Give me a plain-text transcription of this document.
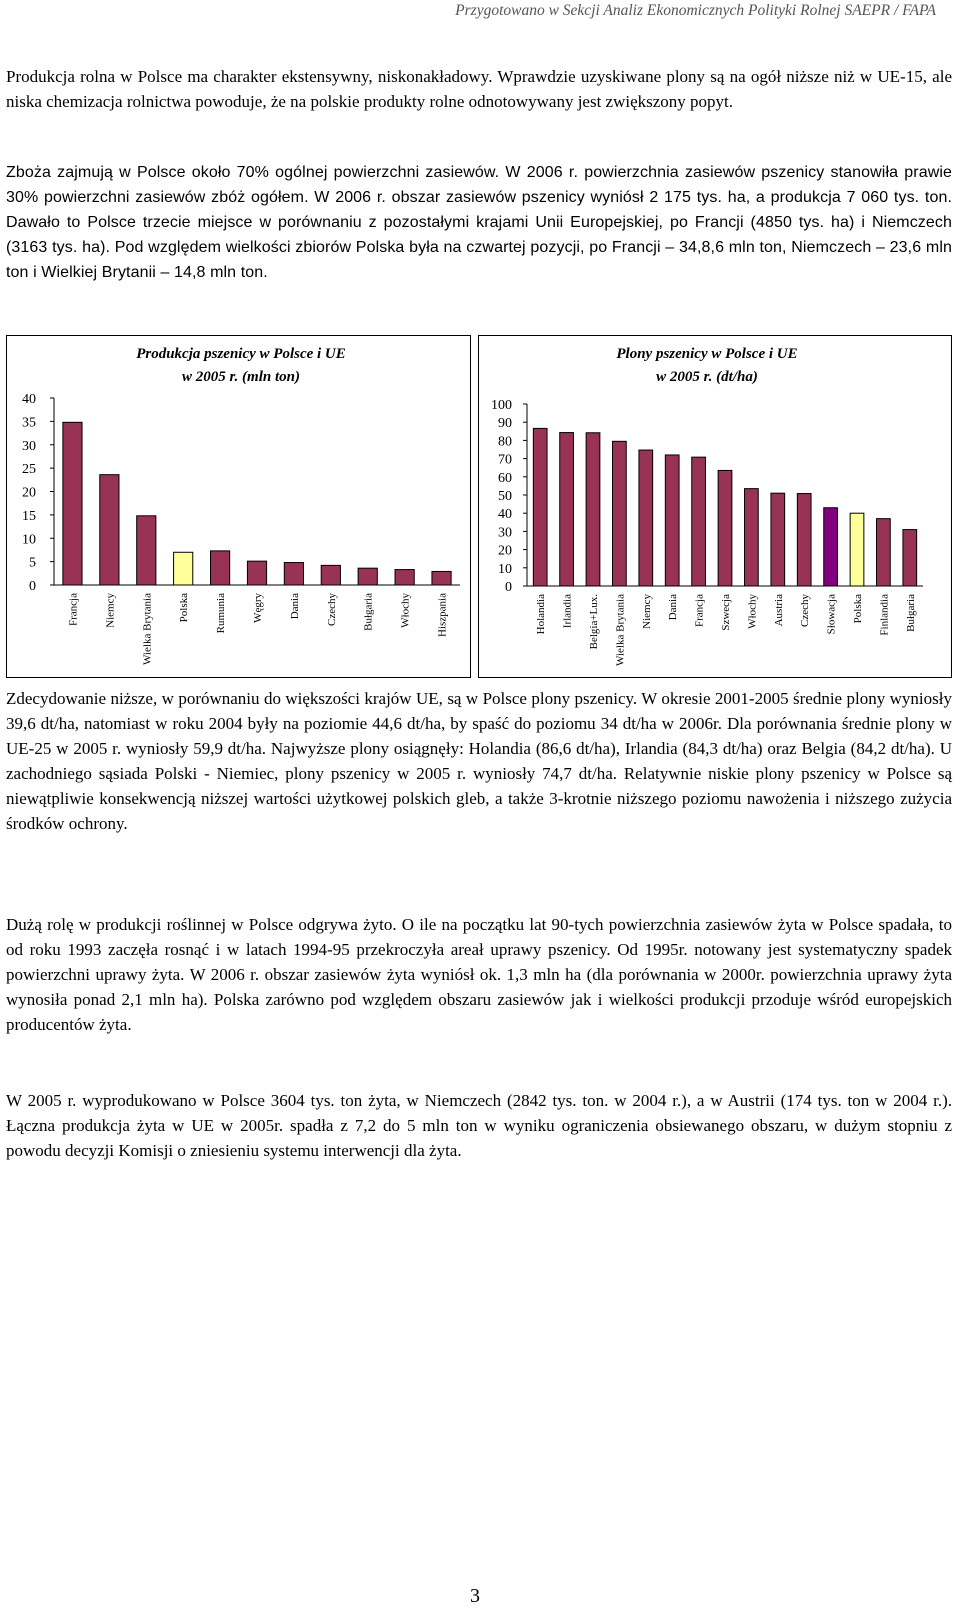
Przygotowano w Sekcji Analiz Ekonomicznych Polityki Rolnej SAEPR / FAPA

Produkcja rolna w Polsce ma charakter ekstensywny, niskonakładowy. Wprawdzie uzyskiwane plony są na ogół niższe niż w UE-15, ale niska chemizacja rolnictwa powoduje, że na polskie produkty rolne odnotowywany jest zwiększony popyt.

Zboża zajmują w Polsce około 70% ogólnej powierzchni zasiewów. W 2006 r. powierzchnia zasiewów pszenicy stanowiła prawie 30% powierzchni zasiewów zbóż ogółem. W 2006 r. obszar zasiewów pszenicy wyniósł 2 175 tys. ha, a produkcja 7 060 tys. ton. Dawało to Polsce trzecie miejsce w porównaniu z pozostałymi krajami Unii Europejskiej, po Francji (4850 tys. ha) i Niemczech (3163 tys. ha). Pod względem wielkości zbiorów Polska była na czwartej pozycji, po Francji – 34,8,6 mln ton, Niemczech – 23,6 mln ton i Wielkiej Brytanii – 14,8 mln ton.

Produkcja pszenicy w Polsce i UE
w 2005 r. (mln ton)
0
5
10
15
20
25
30
35
40
Francja Niemcy Wielka Brytania Polska Rumunia Węgry Dania Czechy Bułgaria Włochy Hiszpania
Plony pszenicy w Polsce i UE
w 2005 r. (dt/ha)
0
10
20
30
40
50
60
70
80
90
100
Holandia Irlandia Belgia+Lux. Wielka Brytania Niemcy Dania Francja Szwecja Włochy Austria Czechy Słowacja Polska Finlandia Bułgaria

Zdecydowanie niższe, w porównaniu do większości krajów UE, są w Polsce plony pszenicy. W okresie 2001-2005 średnie plony wyniosły 39,6 dt/ha, natomiast w roku 2004 były na poziomie 44,6 dt/ha, by spaść do poziomu 34 dt/ha w 2006r. Dla porównania średnie plony w UE-25 w 2005 r. wyniosły 59,9 dt/ha. Najwyższe plony osiągnęły: Holandia (86,6 dt/ha), Irlandia (84,3 dt/ha) oraz Belgia (84,2 dt/ha). U zachodniego sąsiada Polski - Niemiec, plony pszenicy w 2005 r. wyniosły 74,7 dt/ha. Relatywnie niskie plony pszenicy w Polsce są niewątpliwie konsekwencją niższej wartości użytkowej polskich gleb, a także 3-krotnie niższego poziomu nawożenia i niższego zużycia środków ochrony.

Dużą rolę w produkcji roślinnej w Polsce odgrywa żyto. O ile na początku lat 90-tych powierzchnia zasiewów żyta w Polsce spadała, to od roku 1993 zaczęła rosnąć i w latach 1994-95 przekroczyła areał uprawy pszenicy. Od 1995r. notowany jest systematyczny spadek powierzchni uprawy żyta. W 2006 r. obszar zasiewów żyta wyniósł ok. 1,3 mln ha (dla porównania w 2000r. powierzchnia uprawy żyta wynosiła ponad 2,1 mln ha). Polska zarówno pod względem obszaru zasiewów jak i wielkości produkcji przoduje wśród europejskich producentów żyta.

W 2005 r. wyprodukowano w Polsce 3604 tys. ton żyta, w Niemczech (2842 tys. ton. w 2004 r.), a w Austrii (174 tys. ton w 2004 r.). Łączna produkcja żyta w UE w 2005r. spadła z 7,2 do 5 mln ton w wyniku ograniczenia obsiewanego obszaru, w dużym stopniu z powodu decyzji Komisji o zniesieniu systemu interwencji dla żyta.

3
